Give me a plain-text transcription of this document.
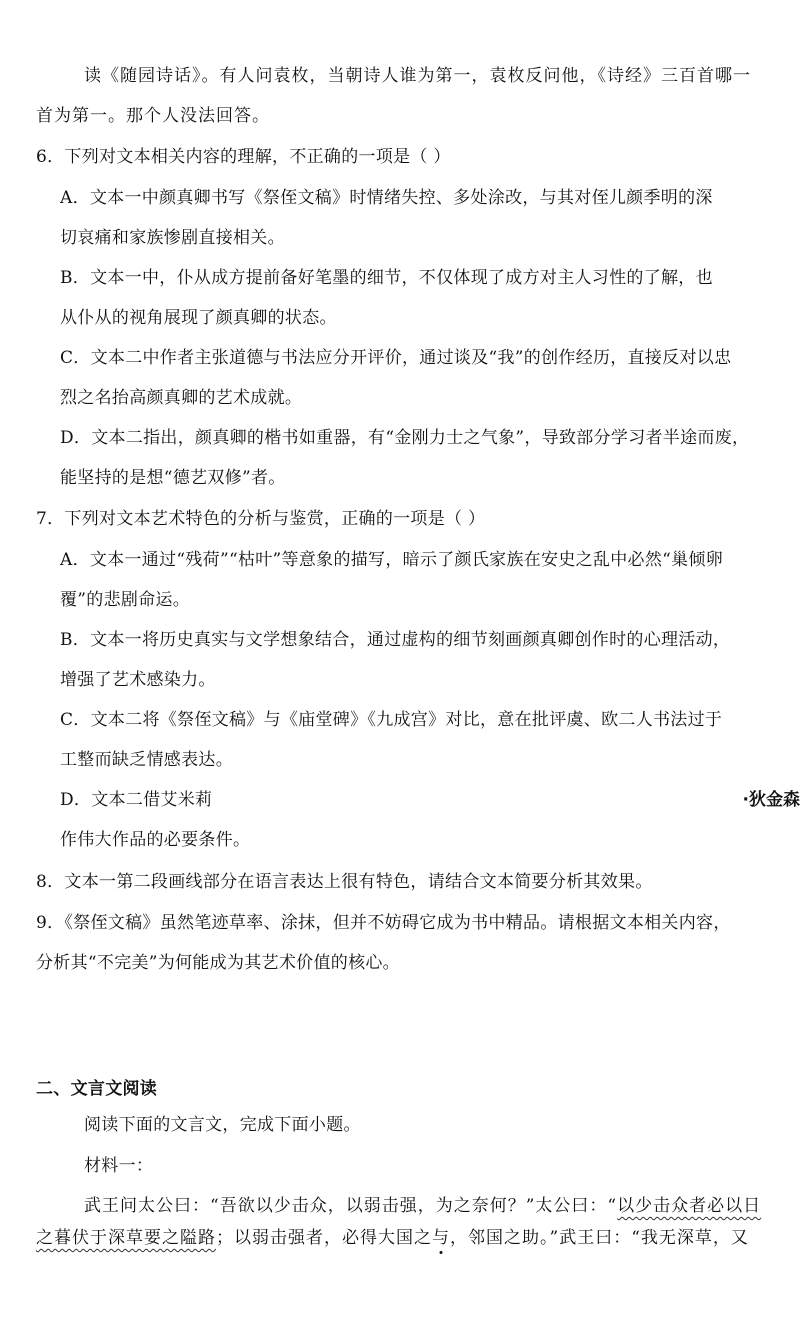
读《随园诗话》。有人问袁枚，当朝诗人谁为第一，袁枚反问他，《诗经》三百首哪一
首为第一。那个人没法回答。
6．下列对文本相关内容的理解，不正确的一项是（ ）
A．文本一中颜真卿书写《祭侄文稿》时情绪失控、多处涂改，与其对侄儿颜季明的深
切哀痛和家族惨剧直接相关。
B．文本一中，仆从成方提前备好笔墨的细节，不仅体现了成方对主人习性的了解，也
从仆从的视角展现了颜真卿的状态。
C．文本二中作者主张道德与书法应分开评价，通过谈及“我”的创作经历，直接反对以忠
烈之名抬高颜真卿的艺术成就。
D．文本二指出，颜真卿的楷书如重器，有“金刚力士之气象”，导致部分学习者半途而废，
能坚持的是想“德艺双修”者。
7．下列对文本艺术特色的分析与鉴赏，正确的一项是（ ）
A．文本一通过“残荷”“枯叶”等意象的描写，暗示了颜氏家族在安史之乱中必然“巢倾卵
覆”的悲剧命运。
B．文本一将历史真实与文学想象结合，通过虚构的细节刻画颜真卿创作时的心理活动，
增强了艺术感染力。
C．文本二将《祭侄文稿》与《庙堂碑》《九成宫》对比，意在批评虞、欧二人书法过于
工整而缺乏情感表达。
D．文本二借艾米莉	·狄金森
作伟大作品的必要条件。
8．文本一第二段画线部分在语言表达上很有特色，请结合文本简要分析其效果。
9．《祭侄文稿》虽然笔迹草率、涂抹，但并不妨碍它成为书中精品。请根据文本相关内容，
分析其“不完美”为何能成为其艺术价值的核心。
二、文言文阅读
阅读下面的文言文，完成下面小题。
材料一：
武王问太公曰：“吾欲以少击众，以弱击强，为之奈何？”太公曰：“以少击众者必以日
之暮伏于深草要之隘路；以弱击强者，必得大国之与，邻国之助。”武王曰：“我无深草，又
